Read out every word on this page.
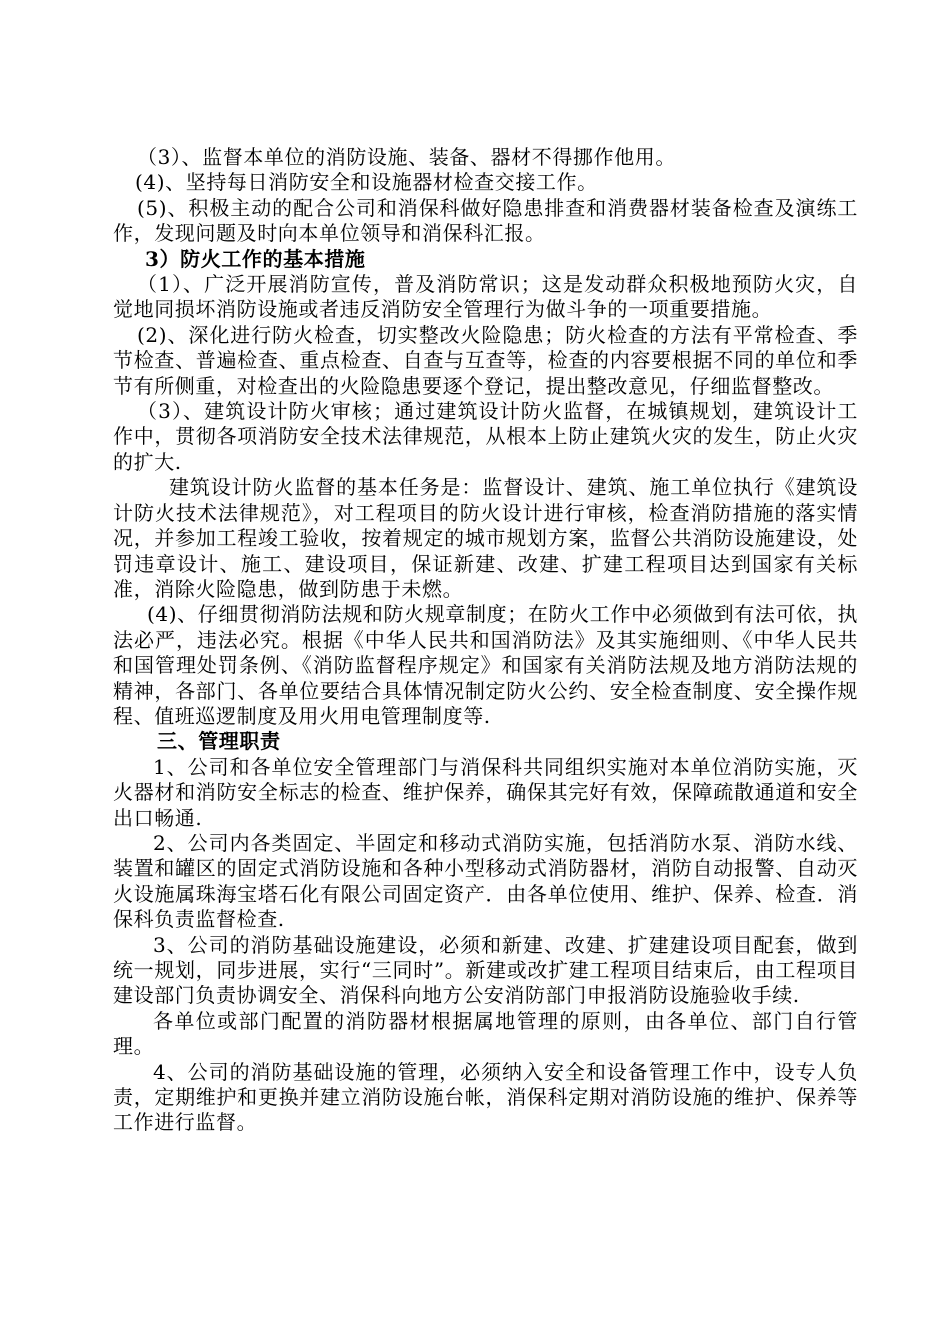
（3）、监督本单位的消防设施、装备、器材不得挪作他用。

(4)、坚持每日消防安全和设施器材检查交接工作。

(5)、积极主动的配合公司和消保科做好隐患排查和消费器材装备检查及演练工作，发现问题及时向本单位领导和消保科汇报。

3）防火工作的基本措施

（1）、广泛开展消防宣传，普及消防常识；这是发动群众积极地预防火灾，自觉地同损坏消防设施或者违反消防安全管理行为做斗争的一项重要措施。

(2)、深化进行防火检查，切实整改火险隐患；防火检查的方法有平常检查、季节检查、普遍检查、重点检查、自查与互查等，检查的内容要根据不同的单位和季节有所侧重，对检查出的火险隐患要逐个登记，提出整改意见，仔细监督整改。

（3）、建筑设计防火审核；通过建筑设计防火监督，在城镇规划，建筑设计工作中，贯彻各项消防安全技术法律规范，从根本上防止建筑火灾的发生，防止火灾的扩大.

建筑设计防火监督的基本任务是：监督设计、建筑、施工单位执行《建筑设计防火技术法律规范》，对工程项目的防火设计进行审核，检查消防措施的落实情况，并参加工程竣工验收，按着规定的城市规划方案，监督公共消防设施建设，处罚违章设计、施工、建设项目，保证新建、改建、扩建工程项目达到国家有关标准，消除火险隐患，做到防患于未燃。

(4)、仔细贯彻消防法规和防火规章制度；在防火工作中必须做到有法可依，执法必严，违法必究。根据《中华人民共和国消防法》及其实施细则、《中华人民共和国管理处罚条例、《消防监督程序规定》和国家有关消防法规及地方消防法规的精神，各部门、各单位要结合具体情况制定防火公约、安全检查制度、安全操作规程、值班巡逻制度及用火用电管理制度等.

三、管理职责

1、公司和各单位安全管理部门与消保科共同组织实施对本单位消防实施，灭火器材和消防安全标志的检查、维护保养，确保其完好有效，保障疏散通道和安全出口畅通.

2、公司内各类固定、半固定和移动式消防实施，包括消防水泵、消防水线、装置和罐区的固定式消防设施和各种小型移动式消防器材，消防自动报警、自动灭火设施属珠海宝塔石化有限公司固定资产．由各单位使用、维护、保养、检查．消保科负责监督检查.

3、公司的消防基础设施建设，必须和新建、改建、扩建建设项目配套，做到统一规划，同步进展，实行“三同时”。新建或改扩建工程项目结束后，由工程项目建设部门负责协调安全、消保科向地方公安消防部门申报消防设施验收手续.

各单位或部门配置的消防器材根据属地管理的原则，由各单位、部门自行管理。

4、公司的消防基础设施的管理，必须纳入安全和设备管理工作中，设专人负责，定期维护和更换并建立消防设施台帐，消保科定期对消防设施的维护、保养等工作进行监督。
